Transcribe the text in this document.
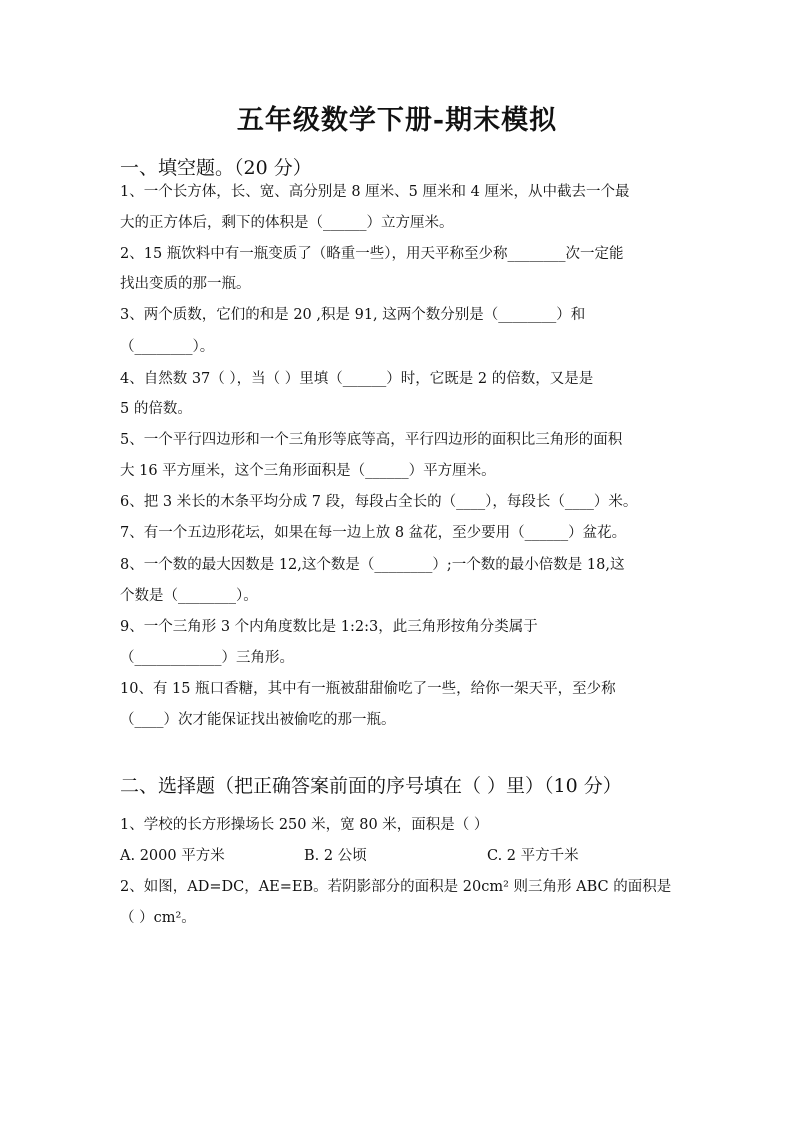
五年级数学下册-期末模拟
一、填空题。（20 分）
1、一个长方体，长、宽、高分别是 8 厘米、5 厘米和 4 厘米，从中截去一个最
大的正方体后，剩下的体积是（______）立方厘米。
2、15 瓶饮料中有一瓶变质了（略重一些），用天平称至少称________次一定能
找出变质的那一瓶。
3、两个质数，它们的和是 20 ,积是 91, 这两个数分别是（________）和
（________）。
4、自然数 37（ ），当（ ）里填（______）时，它既是 2 的倍数，又是是
5 的倍数。
5、一个平行四边形和一个三角形等底等高，平行四边形的面积比三角形的面积
大 16 平方厘米，这个三角形面积是（______）平方厘米。
6、把 3 米长的木条平均分成 7 段，每段占全长的（____），每段长（____）米。
7、有一个五边形花坛，如果在每一边上放 8 盆花，至少要用（______）盆花。
8、一个数的最大因数是 12,这个数是（________）;一个数的最小倍数是 18,这
个数是（________）。
9、一个三角形 3 个内角度数比是 1:2:3，此三角形按角分类属于
（____________）三角形。
10、有 15 瓶口香糖，其中有一瓶被甜甜偷吃了一些，给你一架天平，至少称
（____）次才能保证找出被偷吃的那一瓶。
二、选择题（把正确答案前面的序号填在（ ）里）（10 分）
1、学校的长方形操场长 250 米，宽 80 米，面积是（ ）
A. 2000 平方米	B. 2 公顷	C. 2 平方千米
2、如图，AD=DC，AE=EB。若阴影部分的面积是 20cm² 则三角形 ABC 的面积是
（ ）cm²。
